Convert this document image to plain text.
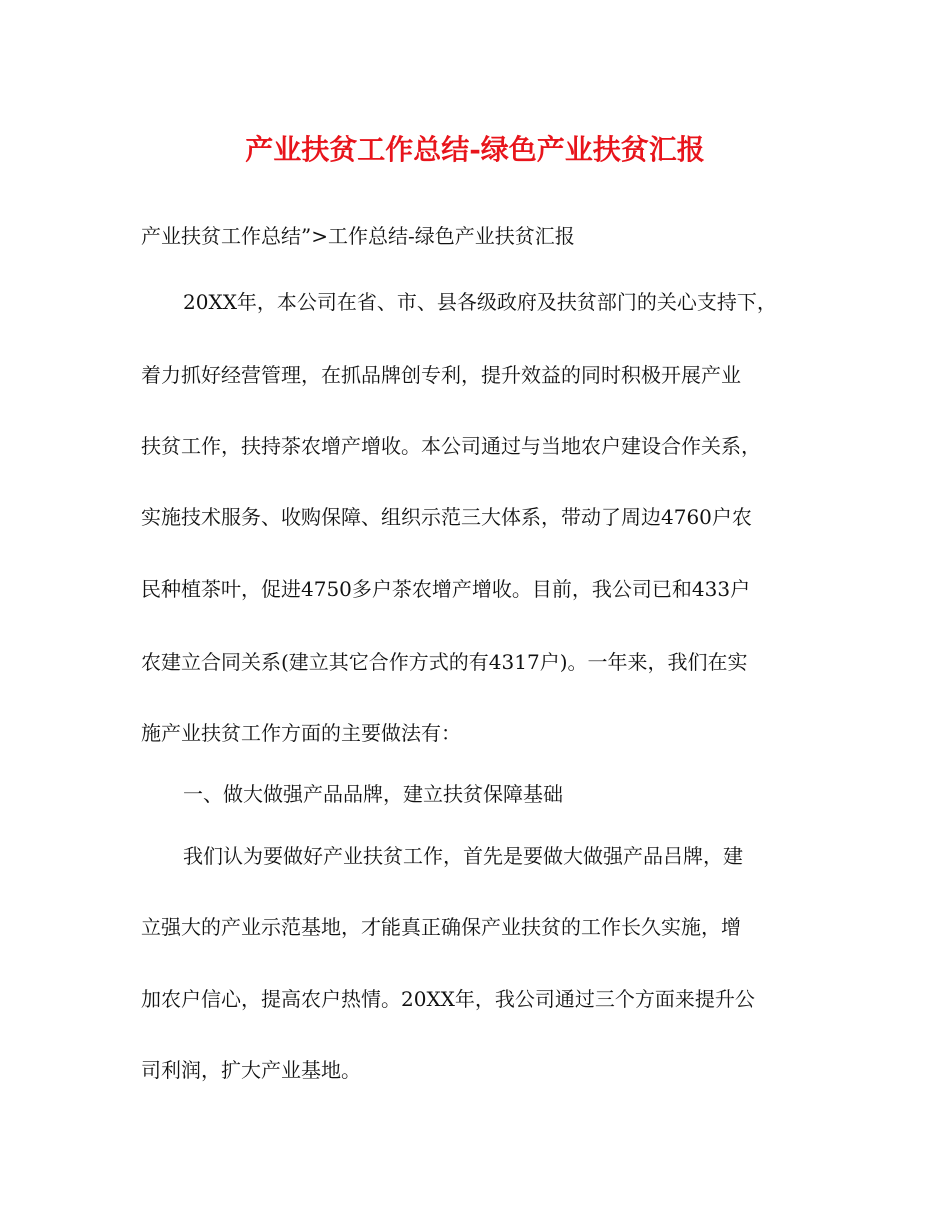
产业扶贫工作总结-绿色产业扶贫汇报
产业扶贫工作总结”>工作总结-绿色产业扶贫汇报
20XX年，本公司在省、市、县各级政府及扶贫部门的关心支持下，
着力抓好经营管理，在抓品牌创专利，提升效益的同时积极开展产业
扶贫工作，扶持茶农增产增收。本公司通过与当地农户建设合作关系，
实施技术服务、收购保障、组织示范三大体系，带动了周边4760户农
民种植茶叶，促进4750多户茶农增产增收。目前，我公司已和433户
农建立合同关系(建立其它合作方式的有4317户)。一年来，我们在实
施产业扶贫工作方面的主要做法有：
一、做大做强产品品牌，建立扶贫保障基础
我们认为要做好产业扶贫工作，首先是要做大做强产品吕牌，建
立强大的产业示范基地，才能真正确保产业扶贫的工作长久实施，增
加农户信心，提高农户热情。20XX年，我公司通过三个方面来提升公
司利润，扩大产业基地。
